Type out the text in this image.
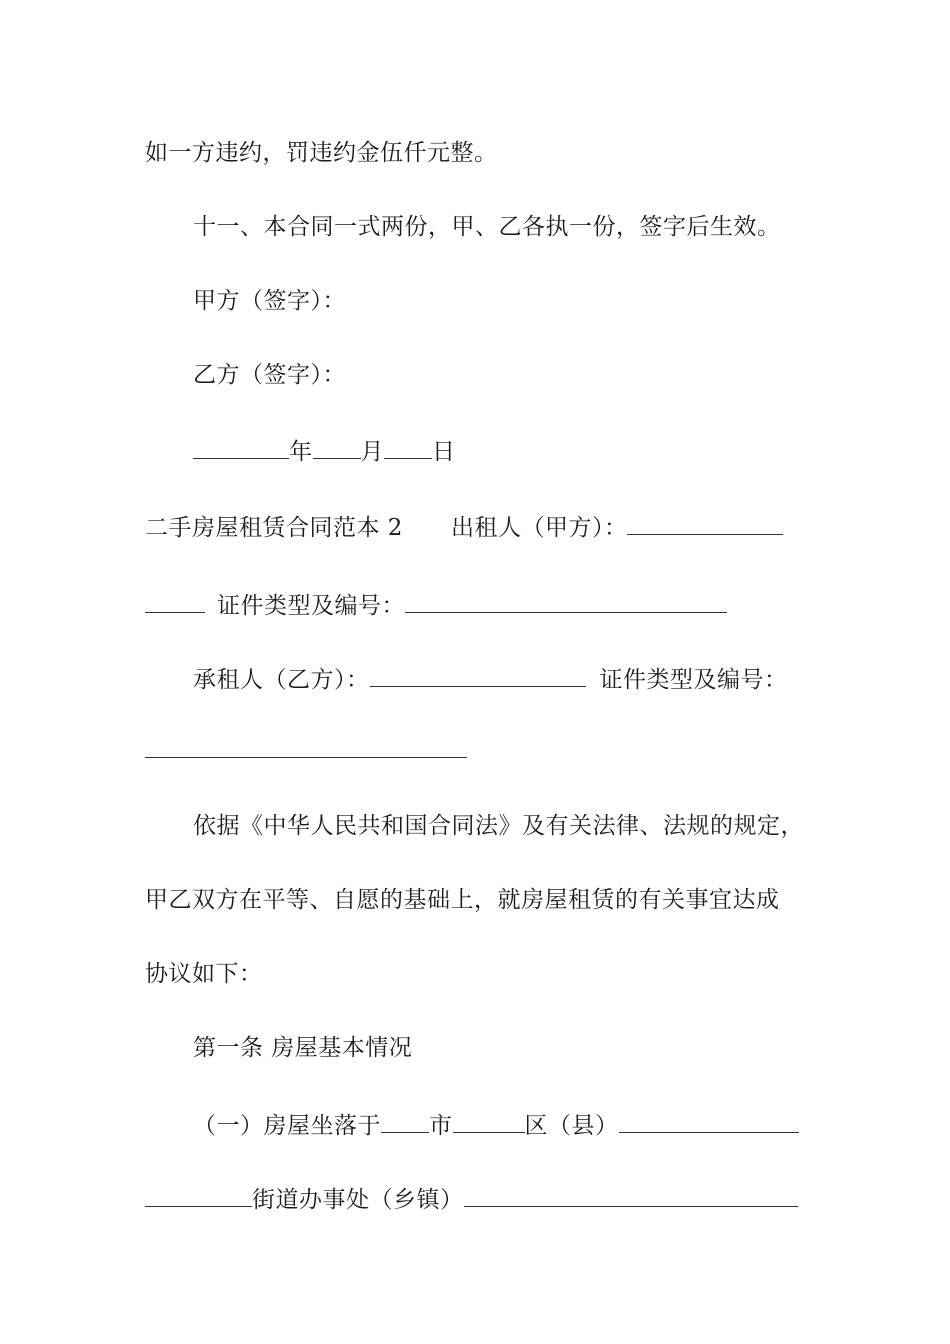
如一方违约，罚违约金伍仟元整。
十一、本合同一式两份，甲、乙各执一份，签字后生效。
甲方（签字）：
乙方（签字）：
年 月 日
二手房屋租赁合同范本 2 出租人（甲方）：
证件类型及编号：
承租人（乙方）：	证件类型及编号：
依据《中华人民共和国合同法》及有关法律、法规的规定，
甲乙双方在平等、自愿的基础上，就房屋租赁的有关事宜达成
协议如下：
第一条 房屋基本情况
（一）房屋坐落于 市	区（县）
街道办事处（乡镇）
